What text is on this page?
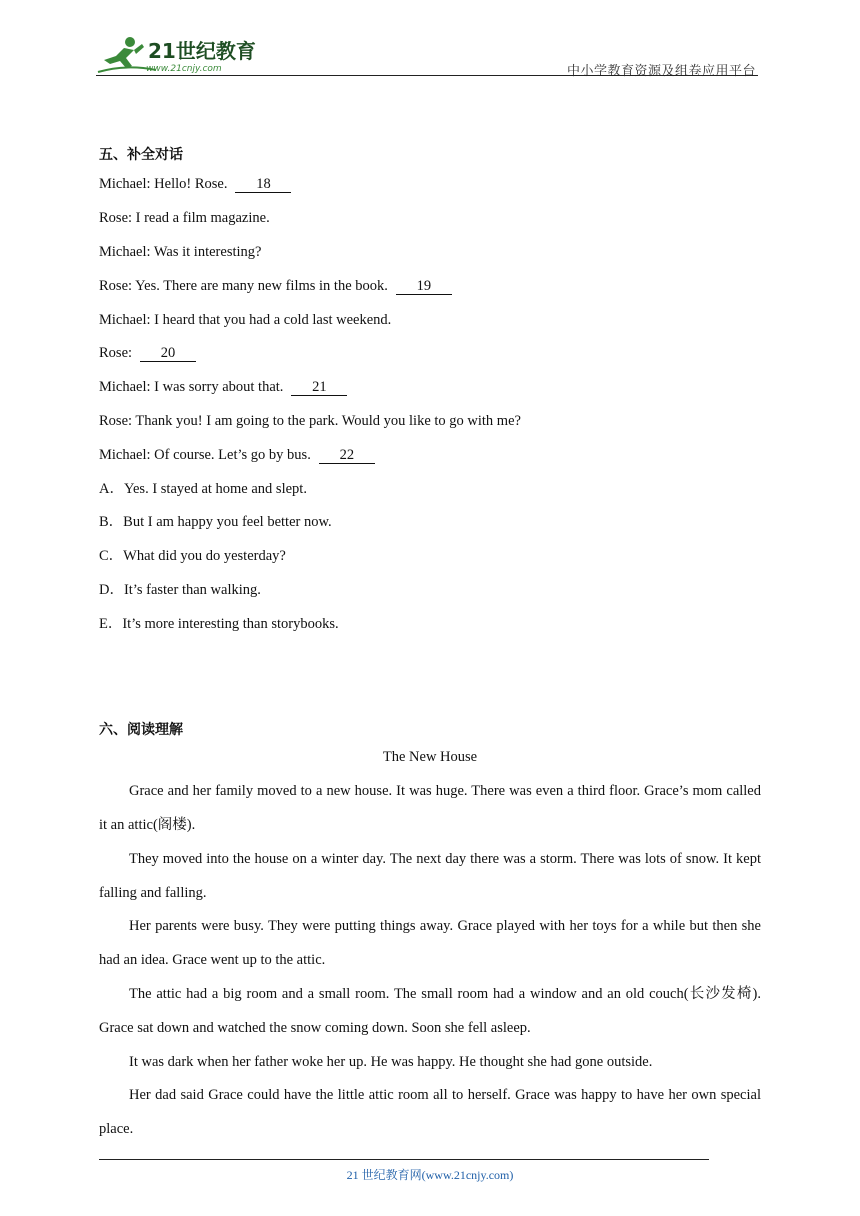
21世纪教育
www.21cnjy.com	中小学教育资源及组卷应用平台
五、补全对话
Michael: Hello! Rose. 18
Rose: I read a film magazine.
Michael: Was it interesting?
Rose: Yes. There are many new films in the book. 19
Michael: I heard that you had a cold last weekend.
Rose: 20
Michael: I was sorry about that. 21
Rose: Thank you! I am going to the park. Would you like to go with me?
Michael: Of course. Let’s go by bus. 22
A．Yes. I stayed at home and slept.
B．But I am happy you feel better now.
C．What did you do yesterday?
D．It’s faster than walking.
E．It’s more interesting than storybooks.
六、阅读理解
The New House
Grace and her family moved to a new house. It was huge. There was even a third floor. Grace’s mom called it an attic(阁楼).
They moved into the house on a winter day. The next day there was a storm. There was lots of snow. It kept falling and falling.
Her parents were busy. They were putting things away. Grace played with her toys for a while but then she had an idea. Grace went up to the attic.
The attic had a big room and a small room. The small room had a window and an old couch(长沙发椅). Grace sat down and watched the snow coming down. Soon she fell asleep.
It was dark when her father woke her up. He was happy. He thought she had gone outside.
Her dad said Grace could have the little attic room all to herself. Grace was happy to have her own special place.
21 世纪教育网(www.21cnjy.com)
